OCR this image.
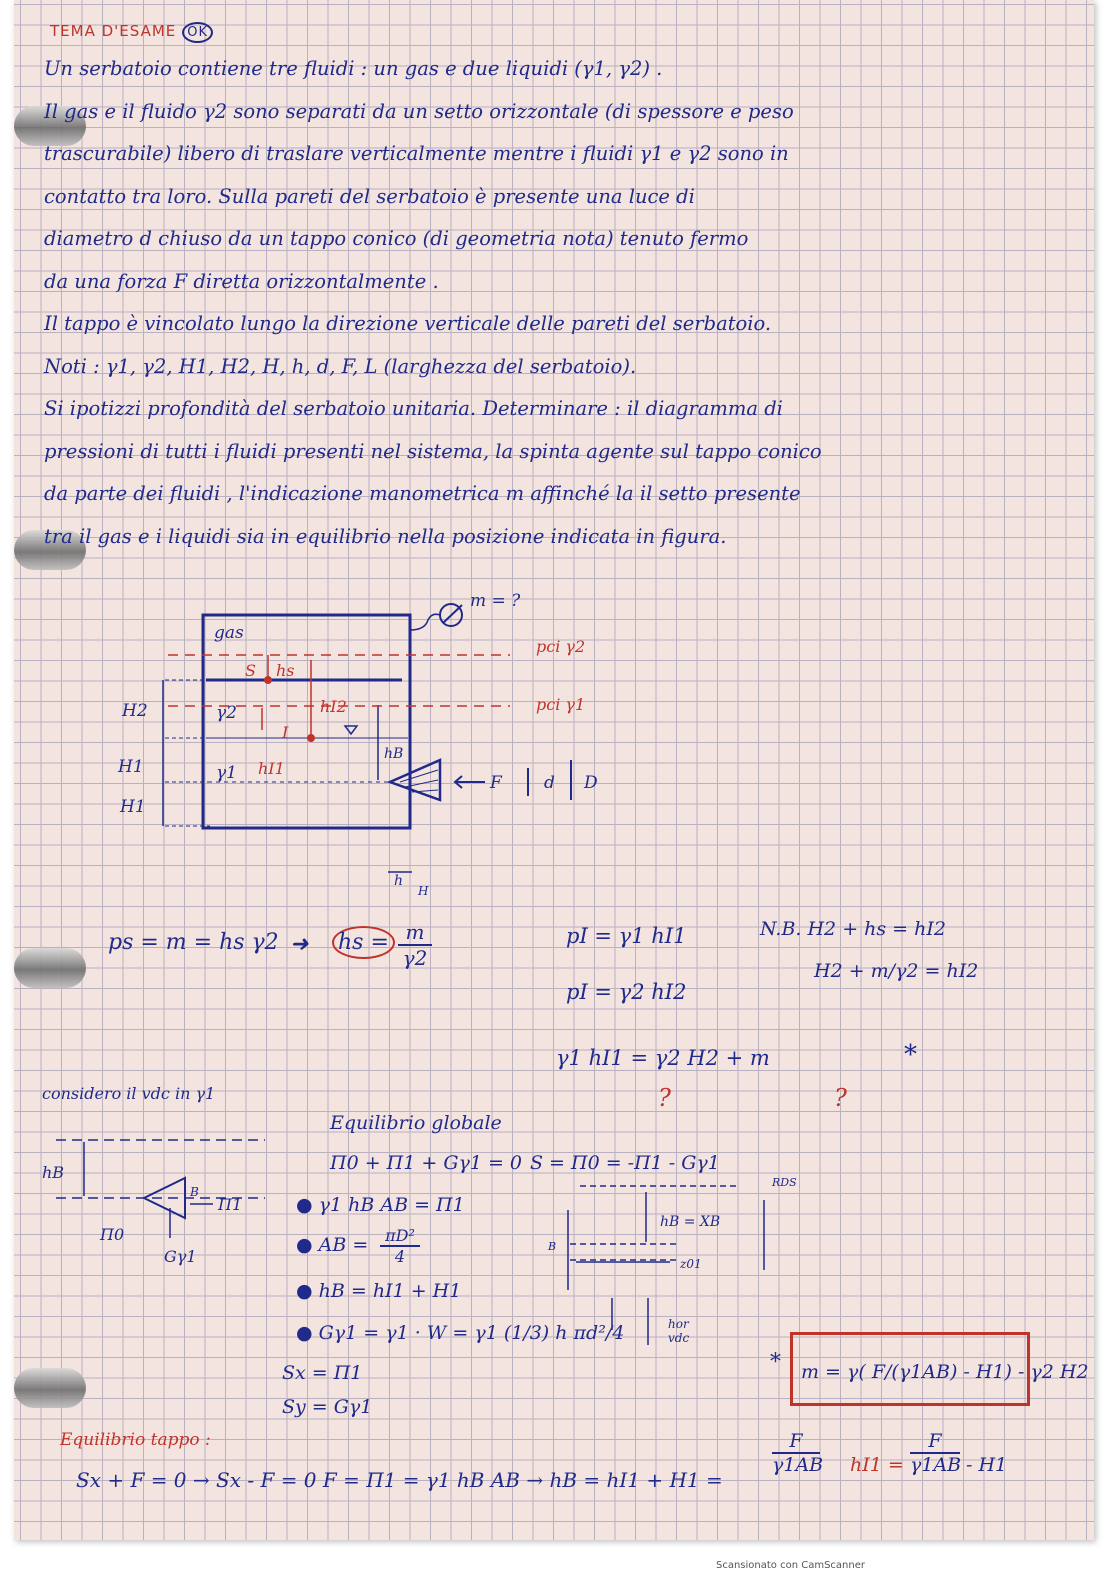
TEMA D'ESAME OK
Un serbatoio contiene tre fluidi : un gas e due liquidi (γ1, γ2) .
Il gas e il fluido γ2 sono separati da un setto orizzontale (di spessore e peso
trascurabile) libero di traslare verticalmente mentre i fluidi γ1 e γ2 sono in
contatto tra loro. Sulla pareti del serbatoio è presente una luce di
diametro d chiuso da un tappo conico (di geometria nota) tenuto fermo
da una forza F diretta orizzontalmente .
Il tappo è vincolato lungo la direzione verticale delle pareti del serbatoio.
Noti : γ1, γ2, H1, H2, H, h, d, F, L (larghezza del serbatoio).
Si ipotizzi profondità del serbatoio unitaria. Determinare : il diagramma di
pressioni di tutti i fluidi presenti nel sistema, la spinta agente sul tappo conico
da parte dei fluidi , l'indicazione manometrica m affinché la il setto presente
tra il gas e i liquidi sia in equilibrio nella posizione indicata in figura.
gas
m = ?
γ2
γ1
hB
H2
H1
H1
F d D
h
H
pci γ2
pci γ1
S hs
hI2
I
hI1
ps = m = hs γ2 ➜ hs = $\frac{m}{\gamma 2}$	pI = γ1 hI1
pI = γ2 hI2
N.B. H2 + hs = hI2
H2 + m/γ2 = hI2
γ1 hI1 = γ2 H2 + m
?	?
*
considero il vdc in γ1
hB
B
Π0
Π1
Gγ1
Equilibrio globale
Π0 + Π1 + Gγ1 = 0 S = Π0 = -Π1 - Gγ1
● γ1 hB AB = Π1
● AB = $\frac{\text{πD²}}{4}$
● hB = hI1 + H1
● Gγ1 = γ1 · W = γ1 (1/3) h πd²/4
Sx = Π1
Sy = Gγ1
RDS
hB = XB
z01
B
hor
vdc
*	m = γ( F/(γ1AB) - H1) - γ2 H2
Equilibrio tappo :
Sx + F = 0 → Sx - F = 0 F = Π1 = γ1 hB AB → hB = hI1 + H1 =
$\frac{F}{\gamma 1AB} hI1 = \frac{F}{\gamma 1AB} - H1$
Scansionato con CamScanner
